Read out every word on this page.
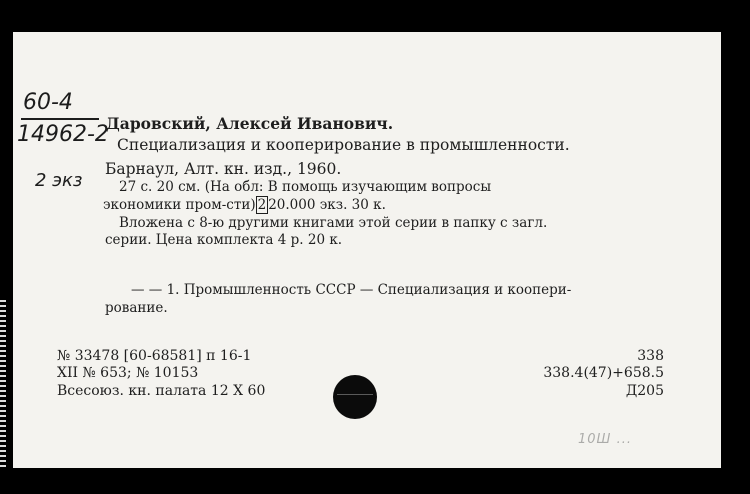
60-4
14962-2
2 экз
Даровский, Алексей Иванович.
Специализация и кооперирование в промышленности.
Барнаул, Алт. кн. изд., 1960.
27 с. 20 см. (На обл: В помощь изучающим вопросы
экономики пром-сти) 2 20.000 экз. 30 к.
Вложена с 8-ю другими книгами этой серии в папку с загл.
серии. Цена комплекта 4 р. 20 к.
— — 1. Промышленность СССР — Специализация и коопери-
рование.
№ 33478 [60-68581] п 16-1
XII № 653; № 10153
Всесоюз. кн. палата 12 X 60
338
338.4(47)+658.5
Д205
10Ш ...
